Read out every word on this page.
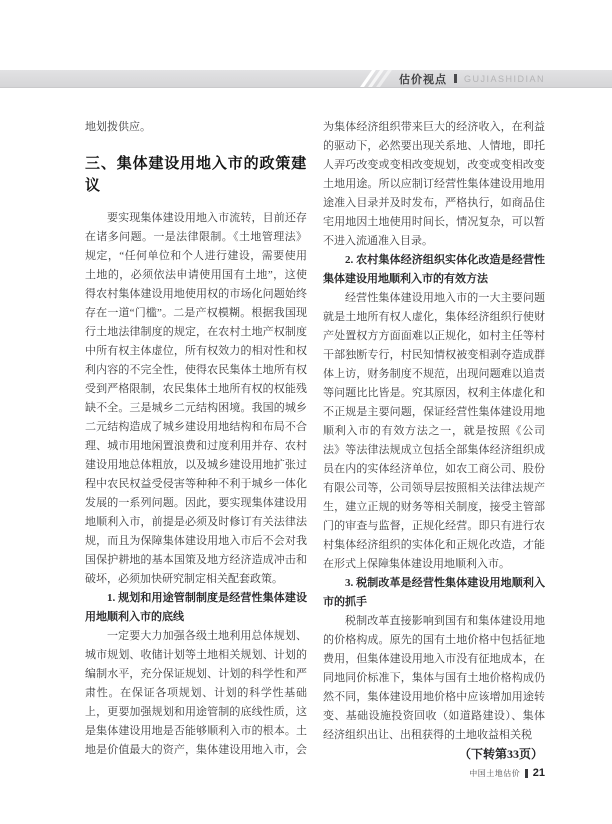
估价视点 GUJIASHIDIAN

地划拨供应。

三、集体建设用地入市的政策建议

要实现集体建设用地入市流转，目前还存在诸多问题。一是法律限制。《土地管理法》规定，“任何单位和个人进行建设，需要使用土地的，必须依法申请使用国有土地”，这使得农村集体建设用地使用权的市场化问题始终存在一道“门槛”。二是产权模糊。根据我国现行土地法律制度的规定，在农村土地产权制度中所有权主体虚位，所有权效力的相对性和权利内容的不完全性，使得农民集体土地所有权受到严格限制，农民集体土地所有权的权能残缺不全。三是城乡二元结构困境。我国的城乡二元结构造成了城乡建设用地结构和布局不合理、城市用地闲置浪费和过度利用并存、农村建设用地总体粗放，以及城乡建设用地扩张过程中农民权益受侵害等种种不利于城乡一体化发展的一系列问题。因此，要实现集体建设用地顺利入市，前提是必须及时修订有关法律法规，而且为保障集体建设用地入市后不会对我国保护耕地的基本国策及地方经济造成冲击和破坏，必须加快研究制定相关配套政策。

1. 规划和用途管制制度是经营性集体建设用地顺利入市的底线

一定要大力加强各级土地利用总体规划、城市规划、收储计划等土地相关规划、计划的编制水平，充分保证规划、计划的科学性和严肃性。在保证各项规划、计划的科学性基础上，更要加强规划和用途管制的底线性质，这是集体建设用地是否能够顺利入市的根本。土地是价值最大的资产，集体建设用地入市，会为集体经济组织带来巨大的经济收入，在利益的驱动下，必然要出现关系地、人情地，即托人弄巧改变或变相改变规划，改变或变相改变土地用途。所以应制订经营性集体建设用地用途准入目录并及时发布，严格执行，如商品住宅用地因土地使用时间长，情况复杂，可以暂不进入流通准入目录。

2. 农村集体经济组织实体化改造是经营性集体建设用地顺利入市的有效方法

经营性集体建设用地入市的一大主要问题就是土地所有权人虚化，集体经济组织行使财产处置权方方面面难以正规化，如村主任等村干部独断专行，村民知情权被变相剥夺造成群体上访，财务制度不规范，出现问题难以追责等问题比比皆是。究其原因，权利主体虚化和不正规是主要问题，保证经营性集体建设用地顺利入市的有效方法之一，就是按照《公司法》等法律法规成立包括全部集体经济组织成员在内的实体经济单位，如农工商公司、股份有限公司等，公司领导层按照相关法律法规产生，建立正规的财务等相关制度，接受主管部门的审查与监督，正规化经营。即只有进行农村集体经济组织的实体化和正规化改造，才能在形式上保障集体建设用地顺利入市。

3. 税制改革是经营性集体建设用地顺利入市的抓手

税制改革直接影响到国有和集体建设用地的价格构成。原先的国有土地价格中包括征地费用，但集体建设用地入市没有征地成本，在同地同价标准下，集体与国有土地价格构成仍然不同，集体建设用地价格中应该增加用途转变、基础设施投资回收（如道路建设）、集体经济组织出让、出租获得的土地收益相关税

（下转第33页）

中国土地估价 21
